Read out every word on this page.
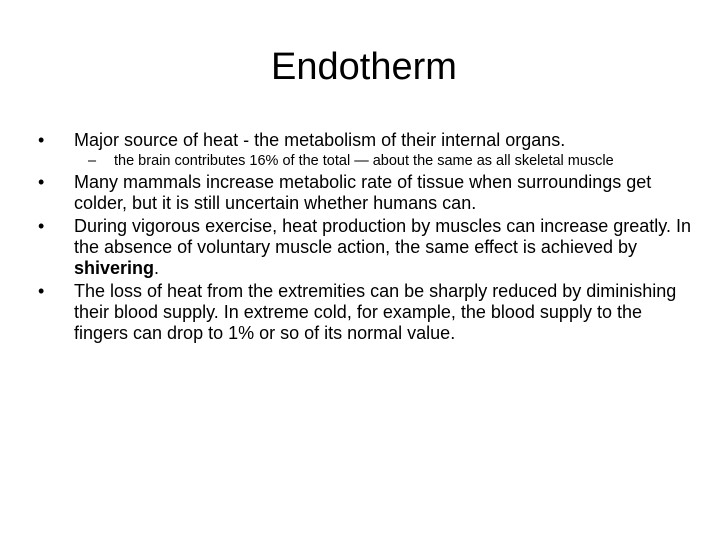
Endotherm
•	Major source of heat - the metabolism of their internal organs.
–	the brain contributes 16% of the total — about the same as all skeletal muscle
•	Many mammals increase metabolic rate of tissue when surroundings get colder, but it is still uncertain whether humans can.
•	During vigorous exercise, heat production by muscles can increase greatly. In the absence of voluntary muscle action, the same effect is achieved by shivering.
•	The loss of heat from the extremities can be sharply reduced by diminishing their blood supply. In extreme cold, for example, the blood supply to the fingers can drop to 1% or so of its normal value.
